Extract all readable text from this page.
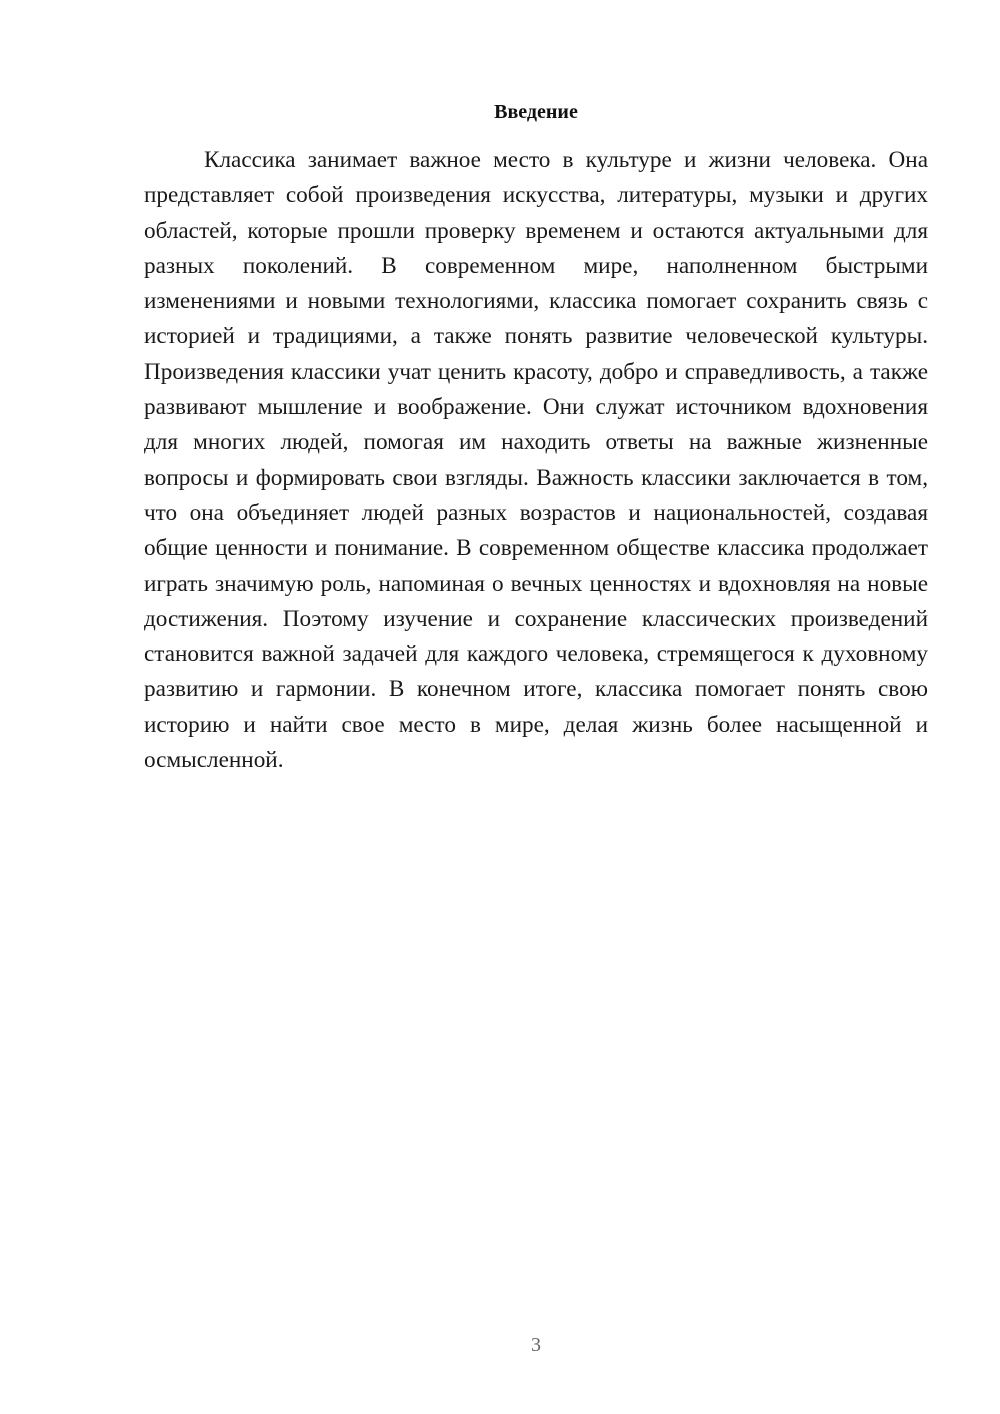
Введение

Классика занимает важное место в культуре и жизни человека. Она представляет собой произведения искусства, литературы, музыки и других областей, которые прошли проверку временем и остаются актуальными для разных поколений. В современном мире, наполненном быстрыми изменениями и новыми технологиями, классика помогает сохранить связь с историей и традициями, а также понять развитие человеческой культуры. Произведения классики учат ценить красоту, добро и справедливость, а также развивают мышление и воображение. Они служат источником вдохновения для многих людей, помогая им находить ответы на важные жизненные вопросы и формировать свои взгляды. Важность классики заключается в том, что она объединяет людей разных возрастов и национальностей, создавая общие ценности и понимание. В современном обществе классика продолжает играть значимую роль, напоминая о вечных ценностях и вдохновляя на новые достижения. Поэтому изучение и сохранение классических произведений становится важной задачей для каждого человека, стремящегося к духовному развитию и гармонии. В конечном итоге, классика помогает понять свою историю и найти свое место в мире, делая жизнь более насыщенной и осмысленной.

3
